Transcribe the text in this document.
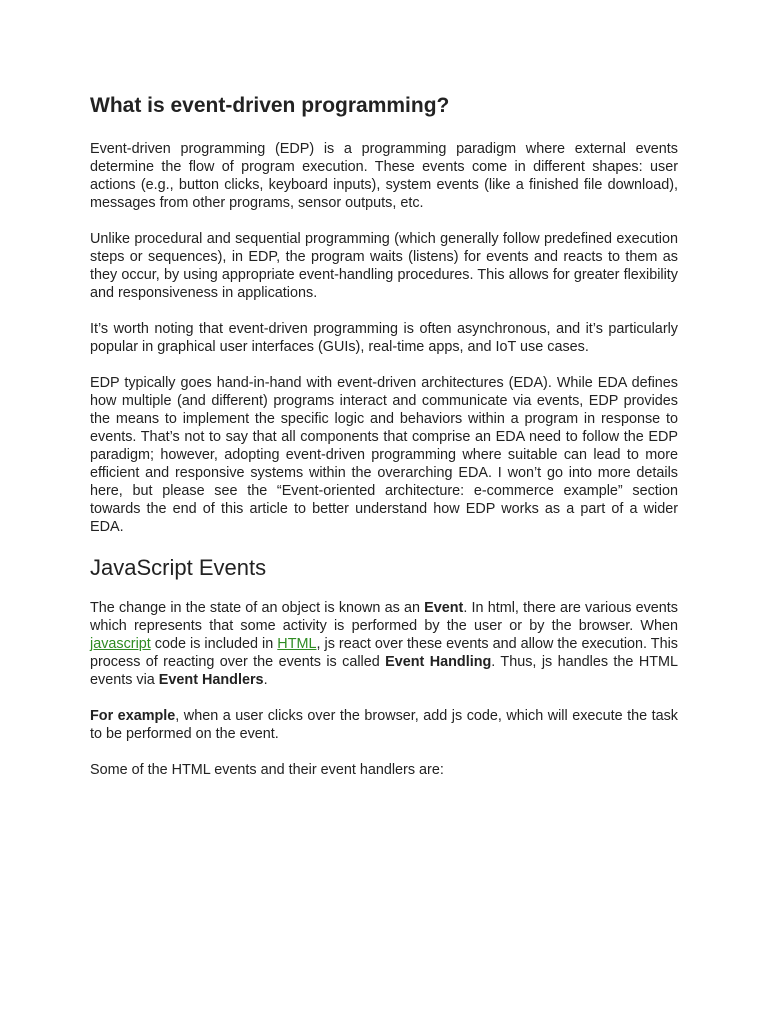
What is event-driven programming?

Event-driven programming (EDP) is a programming paradigm where external events determine the flow of program execution. These events come in different shapes: user actions (e.g., button clicks, keyboard inputs), system events (like a finished file download), messages from other programs, sensor outputs, etc.

Unlike procedural and sequential programming (which generally follow predefined execution steps or sequences), in EDP, the program waits (listens) for events and reacts to them as they occur, by using appropriate event-handling procedures. This allows for greater flexibility and responsiveness in applications.

It’s worth noting that event-driven programming is often asynchronous, and it’s particularly popular in graphical user interfaces (GUIs), real-time apps, and IoT use cases.

EDP typically goes hand-in-hand with event-driven architectures (EDA). While EDA defines how multiple (and different) programs interact and communicate via events, EDP provides the means to implement the specific logic and behaviors within a program in response to events. That’s not to say that all components that comprise an EDA need to follow the EDP paradigm; however, adopting event-driven programming where suitable can lead to more efficient and responsive systems within the overarching EDA. I won’t go into more details here, but please see the “Event-oriented architecture: e-commerce example” section towards the end of this article to better understand how EDP works as a part of a wider EDA.

JavaScript Events

The change in the state of an object is known as an Event. In html, there are various events which represents that some activity is performed by the user or by the browser. When javascript code is included in HTML, js react over these events and allow the execution. This process of reacting over the events is called Event Handling. Thus, js handles the HTML events via Event Handlers.

For example, when a user clicks over the browser, add js code, which will execute the task to be performed on the event.

Some of the HTML events and their event handlers are:
